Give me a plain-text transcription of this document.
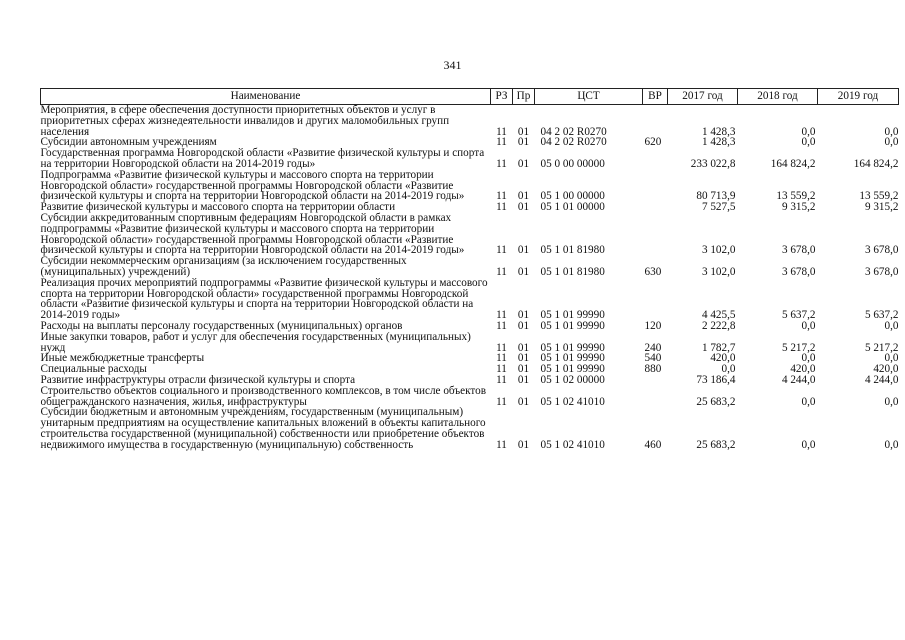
341
Наименование	РЗ	Пр	ЦСТ	ВР	2017 год	2018 год	2019 год
Мероприятия, в сфере обеспечения доступности приоритетных объектов и услуг в приоритетных сферах жизнедеятельности инвалидов и других маломобильных групп населения	11	01	04 2 02 R0270		1 428,3	0,0	0,0
Субсидии автономным учреждениям	11	01	04 2 02 R0270	620	1 428,3	0,0	0,0
Государственная программа Новгородской области «Развитие физической культуры и спорта на территории Новгородской области на 2014-2019 годы»	11	01	05 0 00 00000		233 022,8	164 824,2	164 824,2
Подпрограмма «Развитие физической культуры и массового спорта на территории Новгородской области» государственной программы Новгородской области «Развитие физической культуры и спорта на территории Новгородской области на 2014-2019 годы»	11	01	05 1 00 00000		80 713,9	13 559,2	13 559,2
Развитие физической культуры и массового спорта на территории области	11	01	05 1 01 00000		7 527,5	9 315,2	9 315,2
Субсидии аккредитованным спортивным федерациям Новгородской области в рамках подпрограммы «Развитие физической культуры и массового спорта на территории Новгородской области» государственной программы Новгородской области «Развитие физической культуры и спорта на территории Новгородской области на 2014-2019 годы»	11	01	05 1 01 81980		3 102,0	3 678,0	3 678,0
Субсидии некоммерческим организациям (за исключением государственных (муниципальных) учреждений)	11	01	05 1 01 81980	630	3 102,0	3 678,0	3 678,0
Реализация прочих мероприятий подпрограммы «Развитие физической культуры и массового спорта на территории Новгородской области» государственной программы Новгородской области «Развитие физической культуры и спорта на территории Новгородской области на 2014-2019 годы»	11	01	05 1 01 99990		4 425,5	5 637,2	5 637,2
Расходы на выплаты персоналу государственных (муниципальных) органов	11	01	05 1 01 99990	120	2 222,8	0,0	0,0
Иные закупки товаров, работ и услуг для обеспечения государственных (муниципальных) нужд	11	01	05 1 01 99990	240	1 782,7	5 217,2	5 217,2
Иные межбюджетные трансферты	11	01	05 1 01 99990	540	420,0	0,0	0,0
Специальные расходы	11	01	05 1 01 99990	880	0,0	420,0	420,0
Развитие инфраструктуры отрасли физической культуры и спорта	11	01	05 1 02 00000		73 186,4	4 244,0	4 244,0
Строительство объектов социального и производственного комплексов, в том числе объектов общегражданского назначения, жилья, инфраструктуры	11	01	05 1 02 41010		25 683,2	0,0	0,0
Субсидии бюджетным и автономным учреждениям, государственным (муниципальным) унитарным предприятиям на осуществление капитальных вложений в объекты капитального строительства государственной (муниципальной) собственности или приобретение объектов недвижимого имущества в государственную (муниципальную) собственность	11	01	05 1 02 41010	460	25 683,2	0,0	0,0
